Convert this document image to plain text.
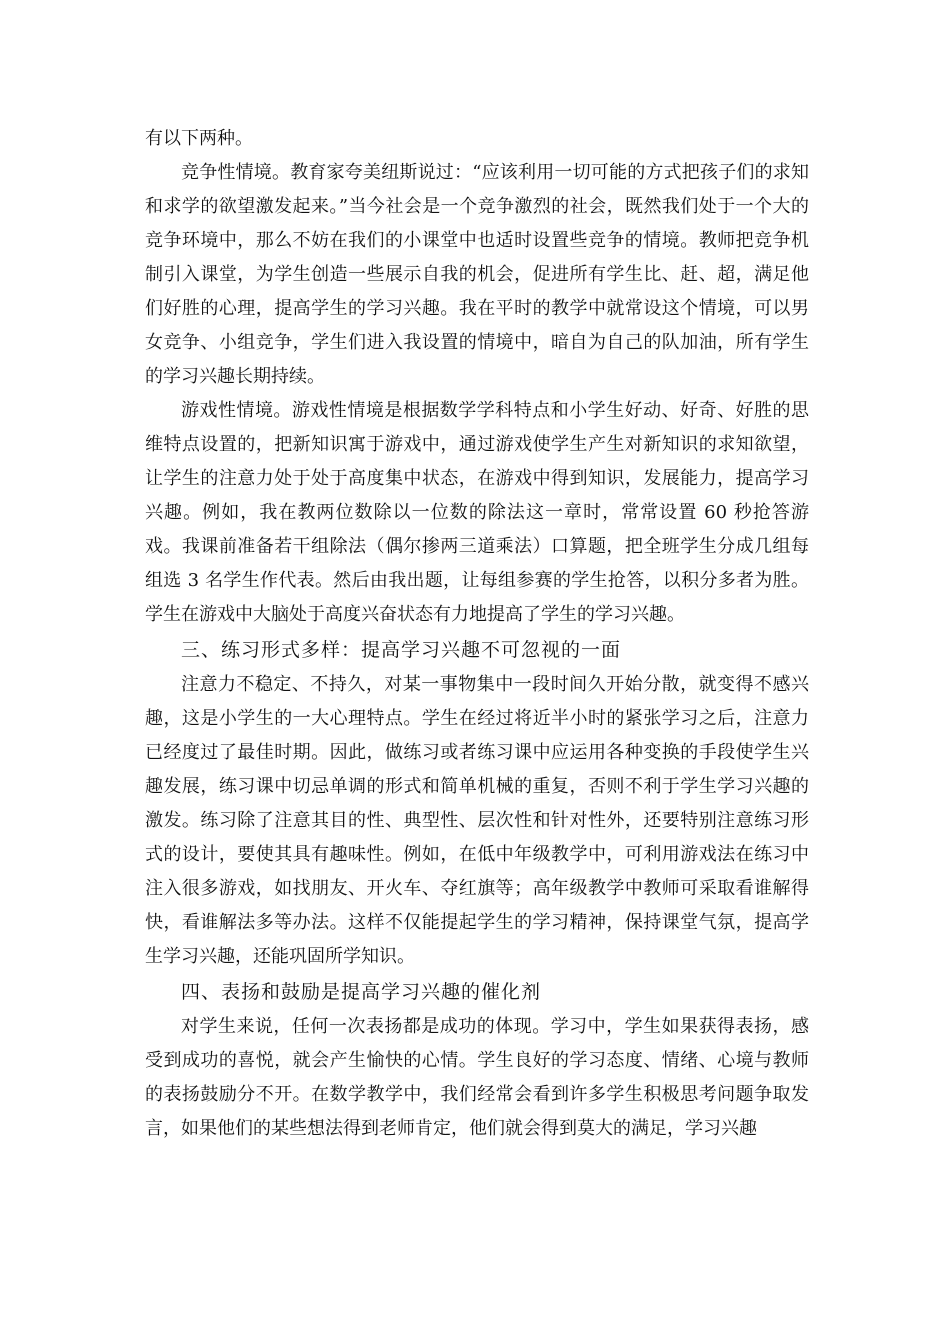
有以下两种。

竞争性情境。教育家夸美纽斯说过：“应该利用一切可能的方式把孩子们的求知和求学的欲望激发起来。”当今社会是一个竞争激烈的社会，既然我们处于一个大的竞争环境中，那么不妨在我们的小课堂中也适时设置些竞争的情境。教师把竞争机制引入课堂，为学生创造一些展示自我的机会，促进所有学生比、赶、超，满足他们好胜的心理，提高学生的学习兴趣。我在平时的教学中就常设这个情境，可以男女竞争、小组竞争，学生们进入我设置的情境中，暗自为自己的队加油，所有学生的学习兴趣长期持续。

游戏性情境。游戏性情境是根据数学学科特点和小学生好动、好奇、好胜的思维特点设置的，把新知识寓于游戏中，通过游戏使学生产生对新知识的求知欲望，让学生的注意力处于处于高度集中状态，在游戏中得到知识，发展能力，提高学习兴趣。例如，我在教两位数除以一位数的除法这一章时，常常设置 60 秒抢答游戏。我课前准备若干组除法（偶尔掺两三道乘法）口算题，把全班学生分成几组每组选 3 名学生作代表。然后由我出题，让每组参赛的学生抢答，以积分多者为胜。学生在游戏中大脑处于高度兴奋状态有力地提高了学生的学习兴趣。

三、练习形式多样：提高学习兴趣不可忽视的一面

注意力不稳定、不持久，对某一事物集中一段时间久开始分散，就变得不感兴趣，这是小学生的一大心理特点。学生在经过将近半小时的紧张学习之后，注意力已经度过了最佳时期。因此，做练习或者练习课中应运用各种变换的手段使学生兴趣发展，练习课中切忌单调的形式和简单机械的重复，否则不利于学生学习兴趣的激发。练习除了注意其目的性、典型性、层次性和针对性外，还要特别注意练习形式的设计，要使其具有趣味性。例如，在低中年级教学中，可利用游戏法在练习中注入很多游戏，如找朋友、开火车、夺红旗等；高年级教学中教师可采取看谁解得快，看谁解法多等办法。这样不仅能提起学生的学习精神，保持课堂气氛，提高学生学习兴趣，还能巩固所学知识。

四、表扬和鼓励是提高学习兴趣的催化剂

对学生来说，任何一次表扬都是成功的体现。学习中，学生如果获得表扬，感受到成功的喜悦，就会产生愉快的心情。学生良好的学习态度、情绪、心境与教师的表扬鼓励分不开。在数学教学中，我们经常会看到许多学生积极思考问题争取发言，如果他们的某些想法得到老师肯定，他们就会得到莫大的满足，学习兴趣
